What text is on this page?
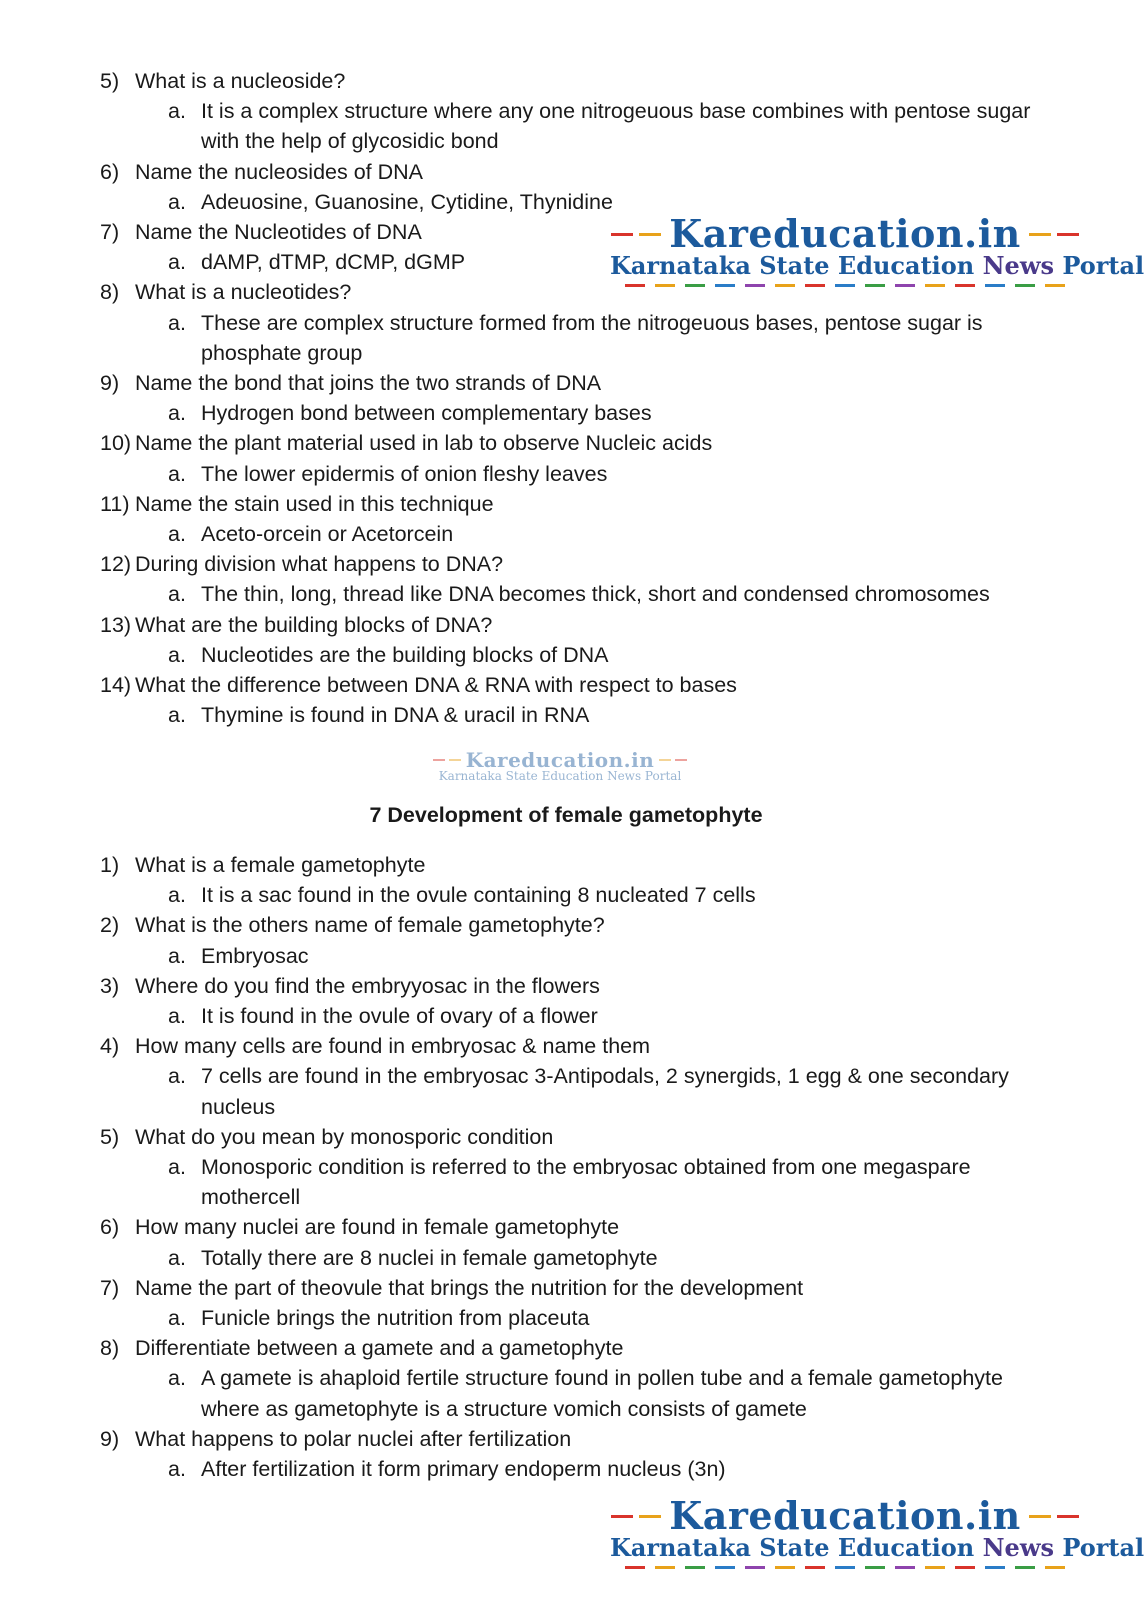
5) What is a nucleoside?
a. It is a complex structure where any one nitrogeuous base combines with pentose sugar with the help of glycosidic bond
6) Name the nucleosides of DNA
a. Adeuosine, Guanosine, Cytidine, Thynidine
7) Name the Nucleotides of DNA
a. dAMP, dTMP, dCMP, dGMP
8) What is a nucleotides?
a. These are complex structure formed from the nitrogeuous bases, pentose sugar is phosphate group
9) Name the bond that joins the two strands of DNA
a. Hydrogen bond between complementary bases
10) Name the plant material used in lab to observe Nucleic acids
a. The lower epidermis of onion fleshy leaves
11) Name the stain used in this technique
a. Aceto-orcein or Acetorcein
12) During division what happens to DNA?
a. The thin, long, thread like DNA becomes thick, short and condensed chromosomes
13) What are the building blocks of DNA?
a. Nucleotides are the building blocks of DNA
14) What the difference between DNA & RNA with respect to bases
a. Thymine is found in DNA & uracil in RNA
7 Development of female gametophyte
1) What is a female gametophyte
a. It is a sac found in the ovule containing 8 nucleated 7 cells
2) What is the others name of female gametophyte?
a. Embryosac
3) Where do you find the embryyosac in the flowers
a. It is found in the ovule of ovary of a flower
4) How many cells are found in embryosac & name them
a. 7 cells are found in the embryosac 3-Antipodals, 2 synergids, 1 egg & one secondary nucleus
5) What do you mean by monosporic condition
a. Monosporic condition is referred to the embryosac obtained from one megaspare mothercell
6) How many nuclei are found in female gametophyte
a. Totally there are 8 nuclei in female gametophyte
7) Name the part of theovule that brings the nutrition for the development
a. Funicle brings the nutrition from placeuta
8) Differentiate between a gamete and a gametophyte
a. A gamete is ahaploid fertile structure found in pollen tube and a female gametophyte where as gametophyte is a structure vomich consists of gamete
9) What happens to polar nuclei after fertilization
a. After fertilization it form primary endoperm nucleus (3n)
Kareducation.in
Karnataka State Education News Portal
Kareducation.in
Karnataka State Education News Portal
Kareducation.in
Karnataka State Education News Portal
